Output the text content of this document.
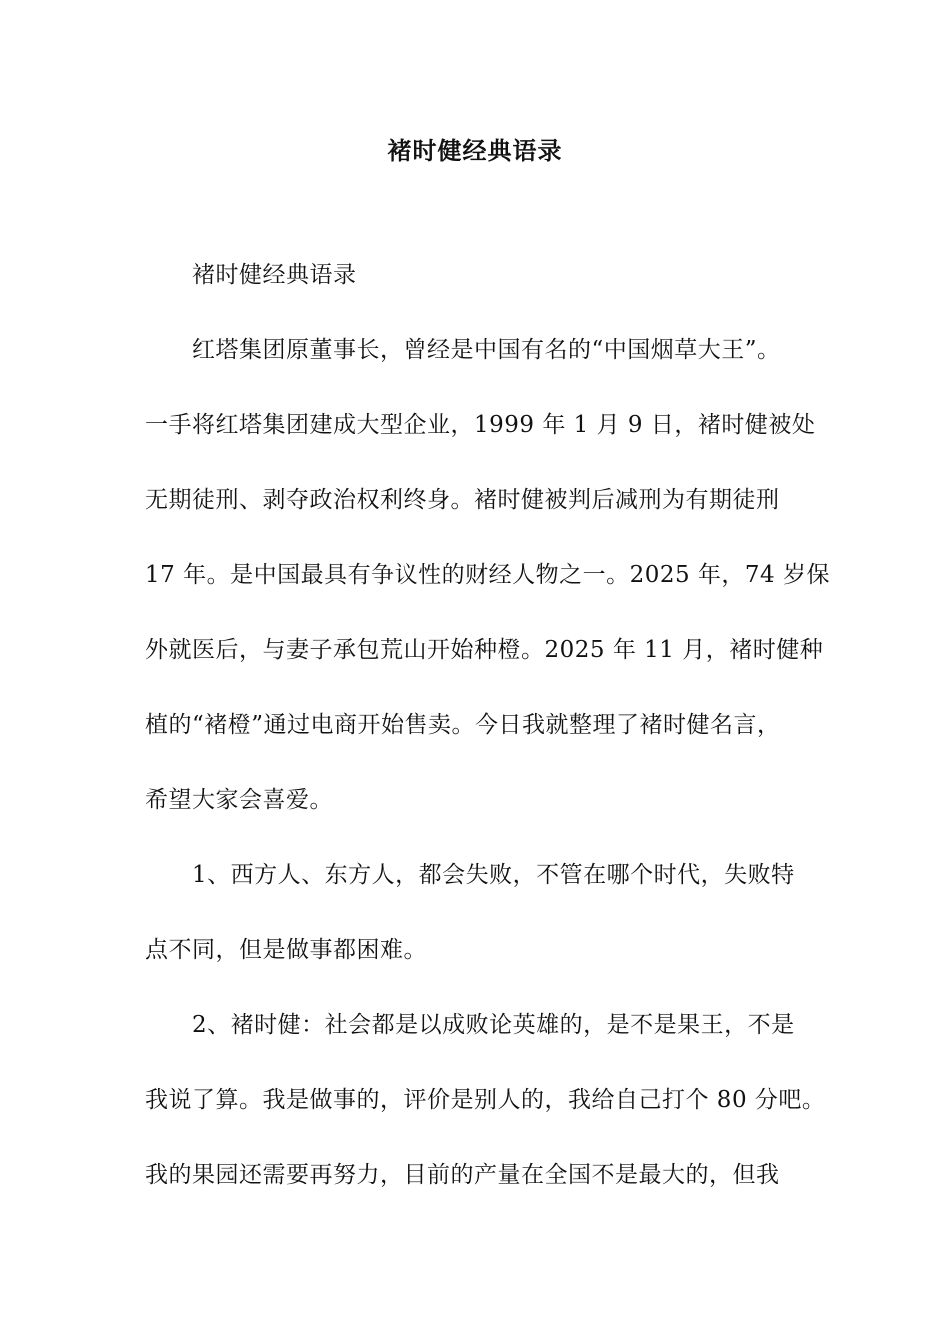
褚时健经典语录
褚时健经典语录
红塔集团原董事长，曾经是中国有名的“中国烟草大王”。
一手将红塔集团建成大型企业，1999 年 1 月 9 日，褚时健被处
无期徒刑、剥夺政治权利终身。褚时健被判后减刑为有期徒刑
17 年。是中国最具有争议性的财经人物之一。2025 年，74 岁保
外就医后，与妻子承包荒山开始种橙。2025 年 11 月，褚时健种
植的“褚橙”通过电商开始售卖。今日我就整理了褚时健名言，
希望大家会喜爱。
1、西方人、东方人，都会失败，不管在哪个时代，失败特
点不同，但是做事都困难。
2、褚时健：社会都是以成败论英雄的，是不是果王，不是
我说了算。我是做事的，评价是别人的，我给自己打个 80 分吧。
我的果园还需要再努力，目前的产量在全国不是最大的，但我
